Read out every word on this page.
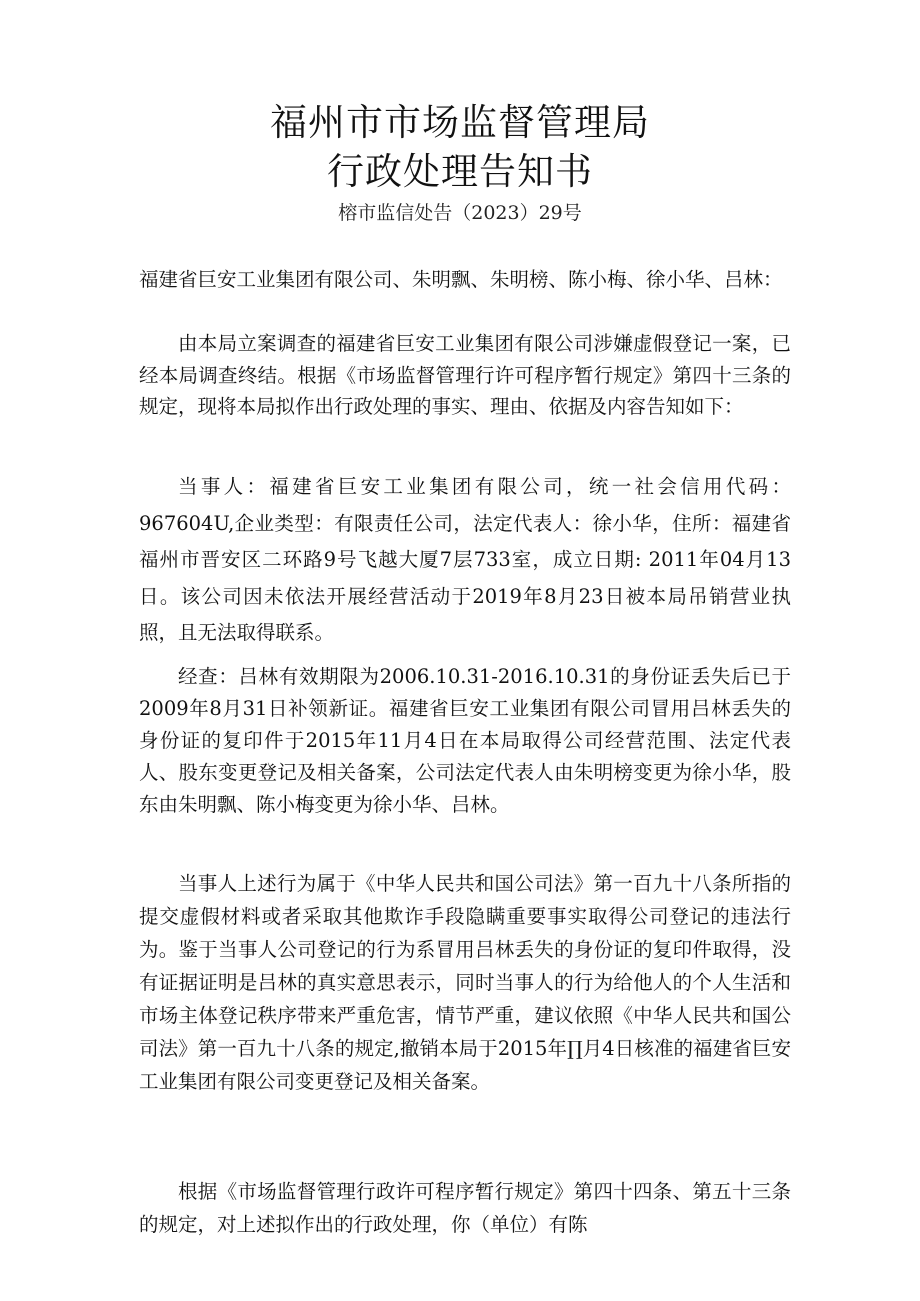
福州市市场监督管理局
行政处理告知书
榕市监信处告（2023）29号

福建省巨安工业集团有限公司、朱明飘、朱明榜、陈小梅、徐小华、吕林：

由本局立案调查的福建省巨安工业集团有限公司涉嫌虚假登记一案，已经本局调查终结。根据《市场监督管理行许可程序暂行规定》第四十三条的规定，现将本局拟作出行政处理的事实、理由、依据及内容告知如下：

当事人：福建省巨安工业集团有限公司，统一社会信用代码：967604U,企业类型：有限责任公司，法定代表人：徐小华，住所：福建省福州市晋安区二环路9号飞越大厦7层733室，成立日期: 2011年04月13日。该公司因未依法开展经营活动于2019年8月23日被本局吊销营业执照，且无法取得联系。

经查：吕林有效期限为2006.10.31-2016.10.31的身份证丢失后已于2009年8月31日补领新证。福建省巨安工业集团有限公司冒用吕林丢失的身份证的复印件于2015年11月4日在本局取得公司经营范围、法定代表人、股东变更登记及相关备案，公司法定代表人由朱明榜变更为徐小华，股东由朱明飘、陈小梅变更为徐小华、吕林。

当事人上述行为属于《中华人民共和国公司法》第一百九十八条所指的提交虚假材料或者采取其他欺诈手段隐瞒重要事实取得公司登记的违法行为。鉴于当事人公司登记的行为系冒用吕林丢失的身份证的复印件取得，没有证据证明是吕林的真实意思表示，同时当事人的行为给他人的个人生活和市场主体登记秩序带来严重危害，情节严重，建议依照《中华人民共和国公司法》第一百九十八条的规定,撤销本局于2015年∏月4日核准的福建省巨安工业集团有限公司变更登记及相关备案。

根据《市场监督管理行政许可程序暂行规定》第四十四条、第五十三条的规定，对上述拟作出的行政处理，你（单位）有陈
